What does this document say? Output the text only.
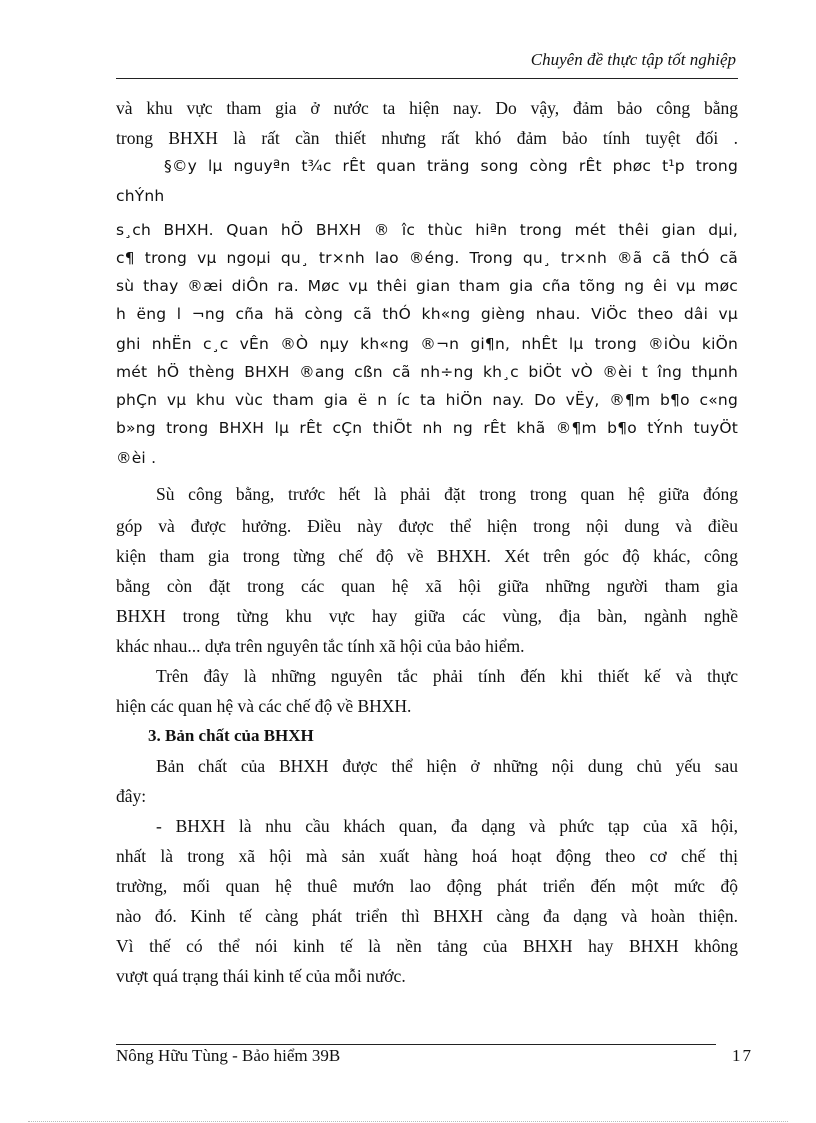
Chuyên đề thực tập tốt nghiệp
và khu vực tham gia ở nước ta hiện nay. Do vậy, đảm bảo công bằng
trong BHXH là rất cần thiết nhưng rất khó đảm bảo tính tuyệt đối .
§©y lµ nguyªn t¾c rÊt quan träng song còng rÊt phøc t¹p trong
chÝnh
s¸ch BHXH. Quan hÖ BHXH ® îc thùc hiªn trong mét thêi gian dµi,
c¶ trong vµ ngoµi qu¸ tr×nh lao ®éng. Trong qu¸ tr×nh ®ã cã thÓ cã
sù thay ®æi diÔn ra. Møc vµ thêi gian tham gia cña tõng ng êi vµ møc
h ëng l ¬ng cña hä còng cã thÓ kh«ng gièng nhau. ViÖc theo dâi vµ
ghi nhËn c¸c vÊn ®Ò nµy kh«ng ®¬n gi¶n, nhÊt lµ trong ®iÒu kiÖn
mét hÖ thèng BHXH ®ang cßn cã nh÷ng kh¸c biÖt vÒ ®èi t îng thµnh
phÇn vµ khu vùc tham gia ë n íc ta hiÖn nay. Do vËy, ®¶m b¶o c«ng
b»ng trong BHXH lµ rÊt cÇn thiÕt nh ng rÊt khã ®¶m b¶o tÝnh tuyÖt
®èi .
Sù công bằng, trước hết là phải đặt trong trong quan hệ giữa đóng
góp và được hưởng. Điều này được thể hiện trong nội dung và điều
kiện tham gia trong từng chế độ về BHXH. Xét trên góc độ khác, công
bằng còn đặt trong các quan hệ xã hội giữa những người tham gia
BHXH trong từng khu vực hay giữa các vùng, địa bàn, ngành nghề
khác nhau... dựa trên nguyên tắc tính xã hội của bảo hiểm.
Trên đây là những nguyên tắc phải tính đến khi thiết kế và thực
hiện các quan hệ và các chế độ về BHXH.
3. Bản chất của BHXH
Bản chất của BHXH được thể hiện ở những nội dung chủ yếu sau
đây:
- BHXH là nhu cầu khách quan, đa dạng và phức tạp của xã hội,
nhất là trong xã hội mà sản xuất hàng hoá hoạt động theo cơ chế thị
trường, mối quan hệ thuê mướn lao động phát triển đến một mức độ
nào đó. Kinh tế càng phát triển thì BHXH càng đa dạng và hoàn thiện.
Vì thế có thể nói kinh tế là nền tảng của BHXH hay BHXH không
vượt quá trạng thái kinh tế của mỗi nước.
Nông Hữu Tùng - Bảo hiểm 39B	17
